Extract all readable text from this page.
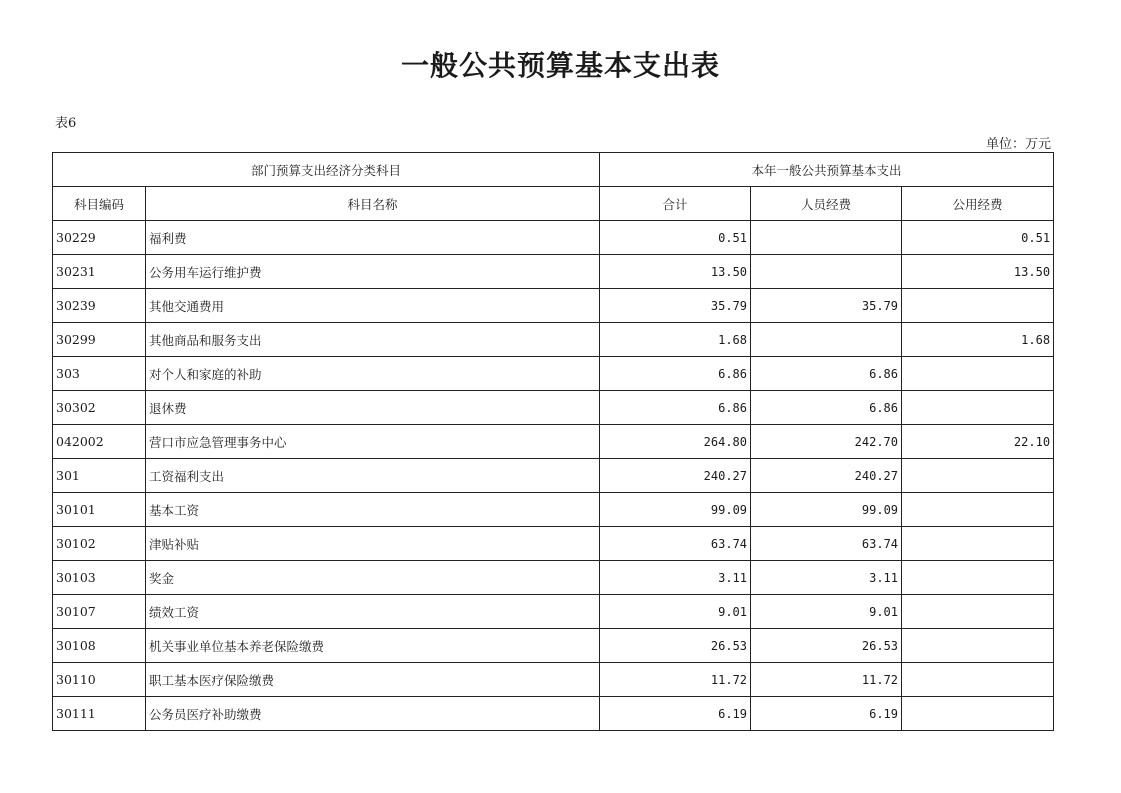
一般公共预算基本支出表
表6
单位：万元
部门预算支出经济分类科目		本年一般公共预算基本支出		
科目编码	科目名称	合计	人员经费	公用经费
30229	福利费	0.51		0.51
30231	公务用车运行维护费	13.50		13.50
30239	其他交通费用	35.79	35.79	
30299	其他商品和服务支出	1.68		1.68
303	对个人和家庭的补助	6.86	6.86	
30302	退休费	6.86	6.86	
042002	营口市应急管理事务中心	264.80	242.70	22.10
301	工资福利支出	240.27	240.27	
30101	基本工资	99.09	99.09	
30102	津贴补贴	63.74	63.74	
30103	奖金	3.11	3.11	
30107	绩效工资	9.01	9.01	
30108	机关事业单位基本养老保险缴费	26.53	26.53	
30110	职工基本医疗保险缴费	11.72	11.72	
30111	公务员医疗补助缴费	6.19	6.19	
